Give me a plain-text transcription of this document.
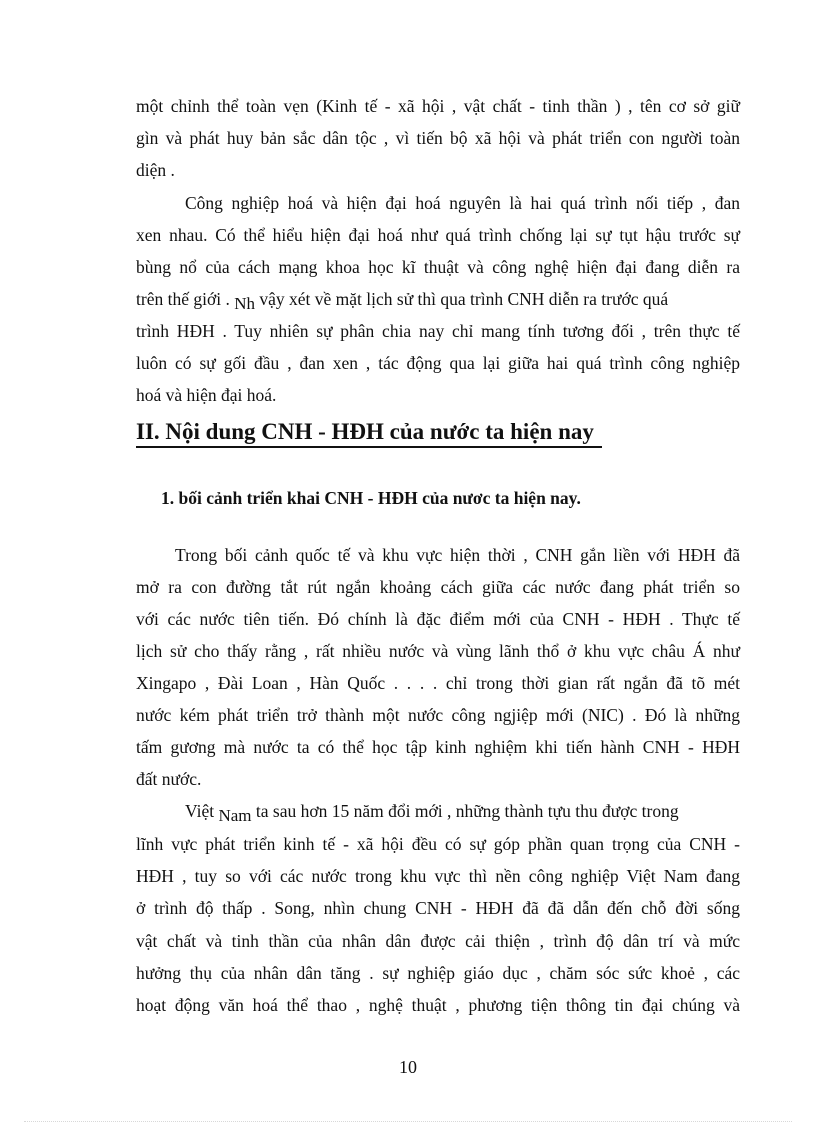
một chỉnh thể toàn vẹn (Kinh tế - xã hội , vật chất - tinh thần ) , tên cơ sở giữ
gìn và phát huy bản sắc dân tộc , vì tiến bộ xã hội và phát triển con người toàn
diện .
Công nghiệp hoá và hiện đại hoá nguyên là hai quá trình nối tiếp , đan
xen nhau. Có thể hiểu hiện đại hoá như quá trình chống lại sự tụt hậu trước sự
bùng nổ của cách mạng khoa học kĩ thuật và công nghệ hiện đại đang diễn ra
trên thế giới . Nh vậy xét về mặt lịch sử thì qua trình CNH diễn ra trước quá
trình HĐH . Tuy nhiên sự phân chia nay chỉ mang tính tương đối , trên thực tế
luôn có sự gối đầu , đan xen , tác động qua lại giữa hai quá trình công nghiệp
hoá và hiện đại hoá.
II. Nội dung CNH - HĐH của nước ta hiện nay
1. bối cảnh triển khai CNH - HĐH của nươc ta hiện nay.
Trong bối cảnh quốc tế và khu vực hiện thời , CNH gắn liền với HĐH đã
mở ra con đường tắt rút ngắn khoảng cách giữa các nước đang phát triển so
với các nước tiên tiến. Đó chính là đặc điểm mới của CNH - HĐH . Thực tế
lịch sử cho thấy rằng , rất nhiều nước và vùng lãnh thổ ở khu vực châu Á như
Xingapo , Đài Loan , Hàn Quốc . . . . chỉ trong thời gian rất ngắn đã tõ mét
nước kém phát triển trở thành một nước công ngjiệp mới (NIC) . Đó là những
tấm gương mà nước ta có thể học tập kinh nghiệm khi tiến hành CNH - HĐH
đất nước.
Việt Nam ta sau hơn 15 năm đổi mới , những thành tựu thu được trong
lĩnh vực phát triển kinh tế - xã hội đều có sự góp phần quan trọng của CNH -
HĐH , tuy so với các nước trong khu vực thì nền công nghiệp Việt Nam đang
ở trình độ thấp . Song, nhìn chung CNH - HĐH đã đã dẫn đến chỗ đời sống
vật chất và tinh thần của nhân dân được cải thiện , trình độ dân trí và mức
hưởng thụ của nhân dân tăng . sự nghiệp giáo dục , chăm sóc sức khoẻ , các
hoạt động văn hoá thể thao , nghệ thuật , phương tiện thông tin đại chúng và
10
